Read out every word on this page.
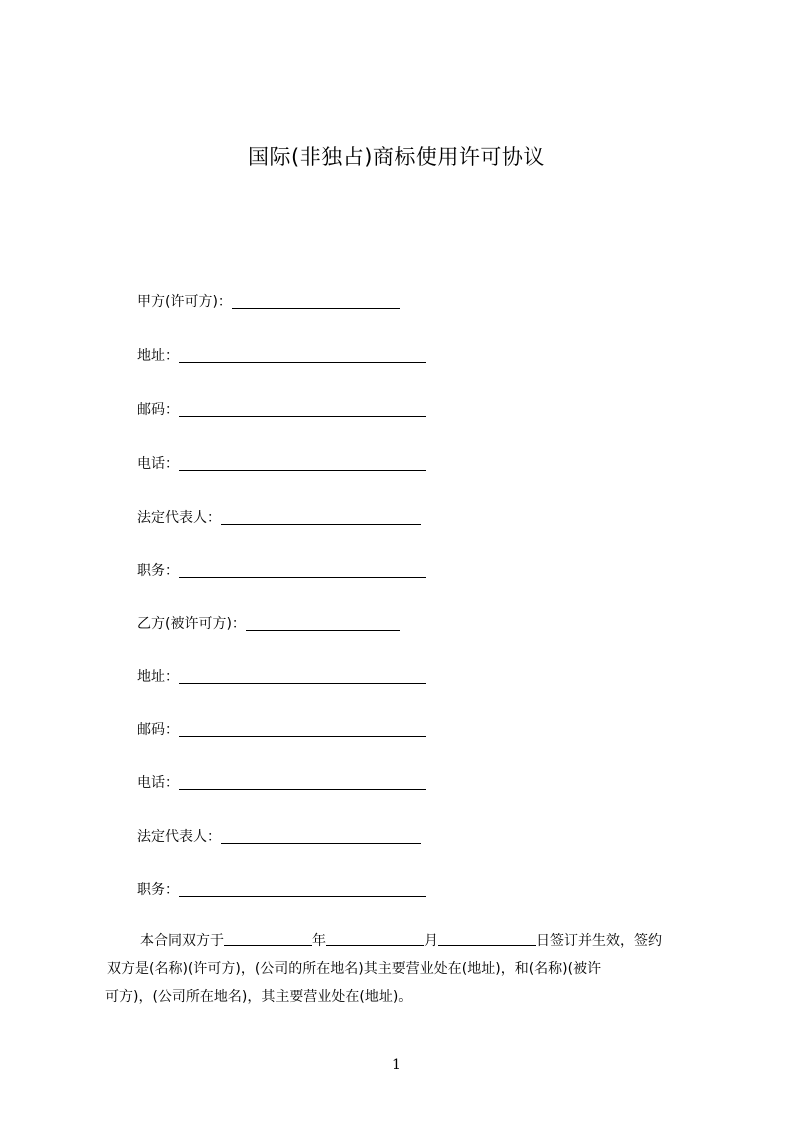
国际(非独占)商标使用许可协议
甲方(许可方)：
地址：
邮码：
电话：
法定代表人：
职务：
乙方(被许可方)：
地址：
邮码：
电话：
法定代表人：
职务：
本合同双方于	年	月	日签订并生效，签约
双方是(名称)(许可方)，(公司的所在地名)其主要营业处在(地址)，和(名称)(被许
可方)，(公司所在地名)，其主要营业处在(地址)。
1
